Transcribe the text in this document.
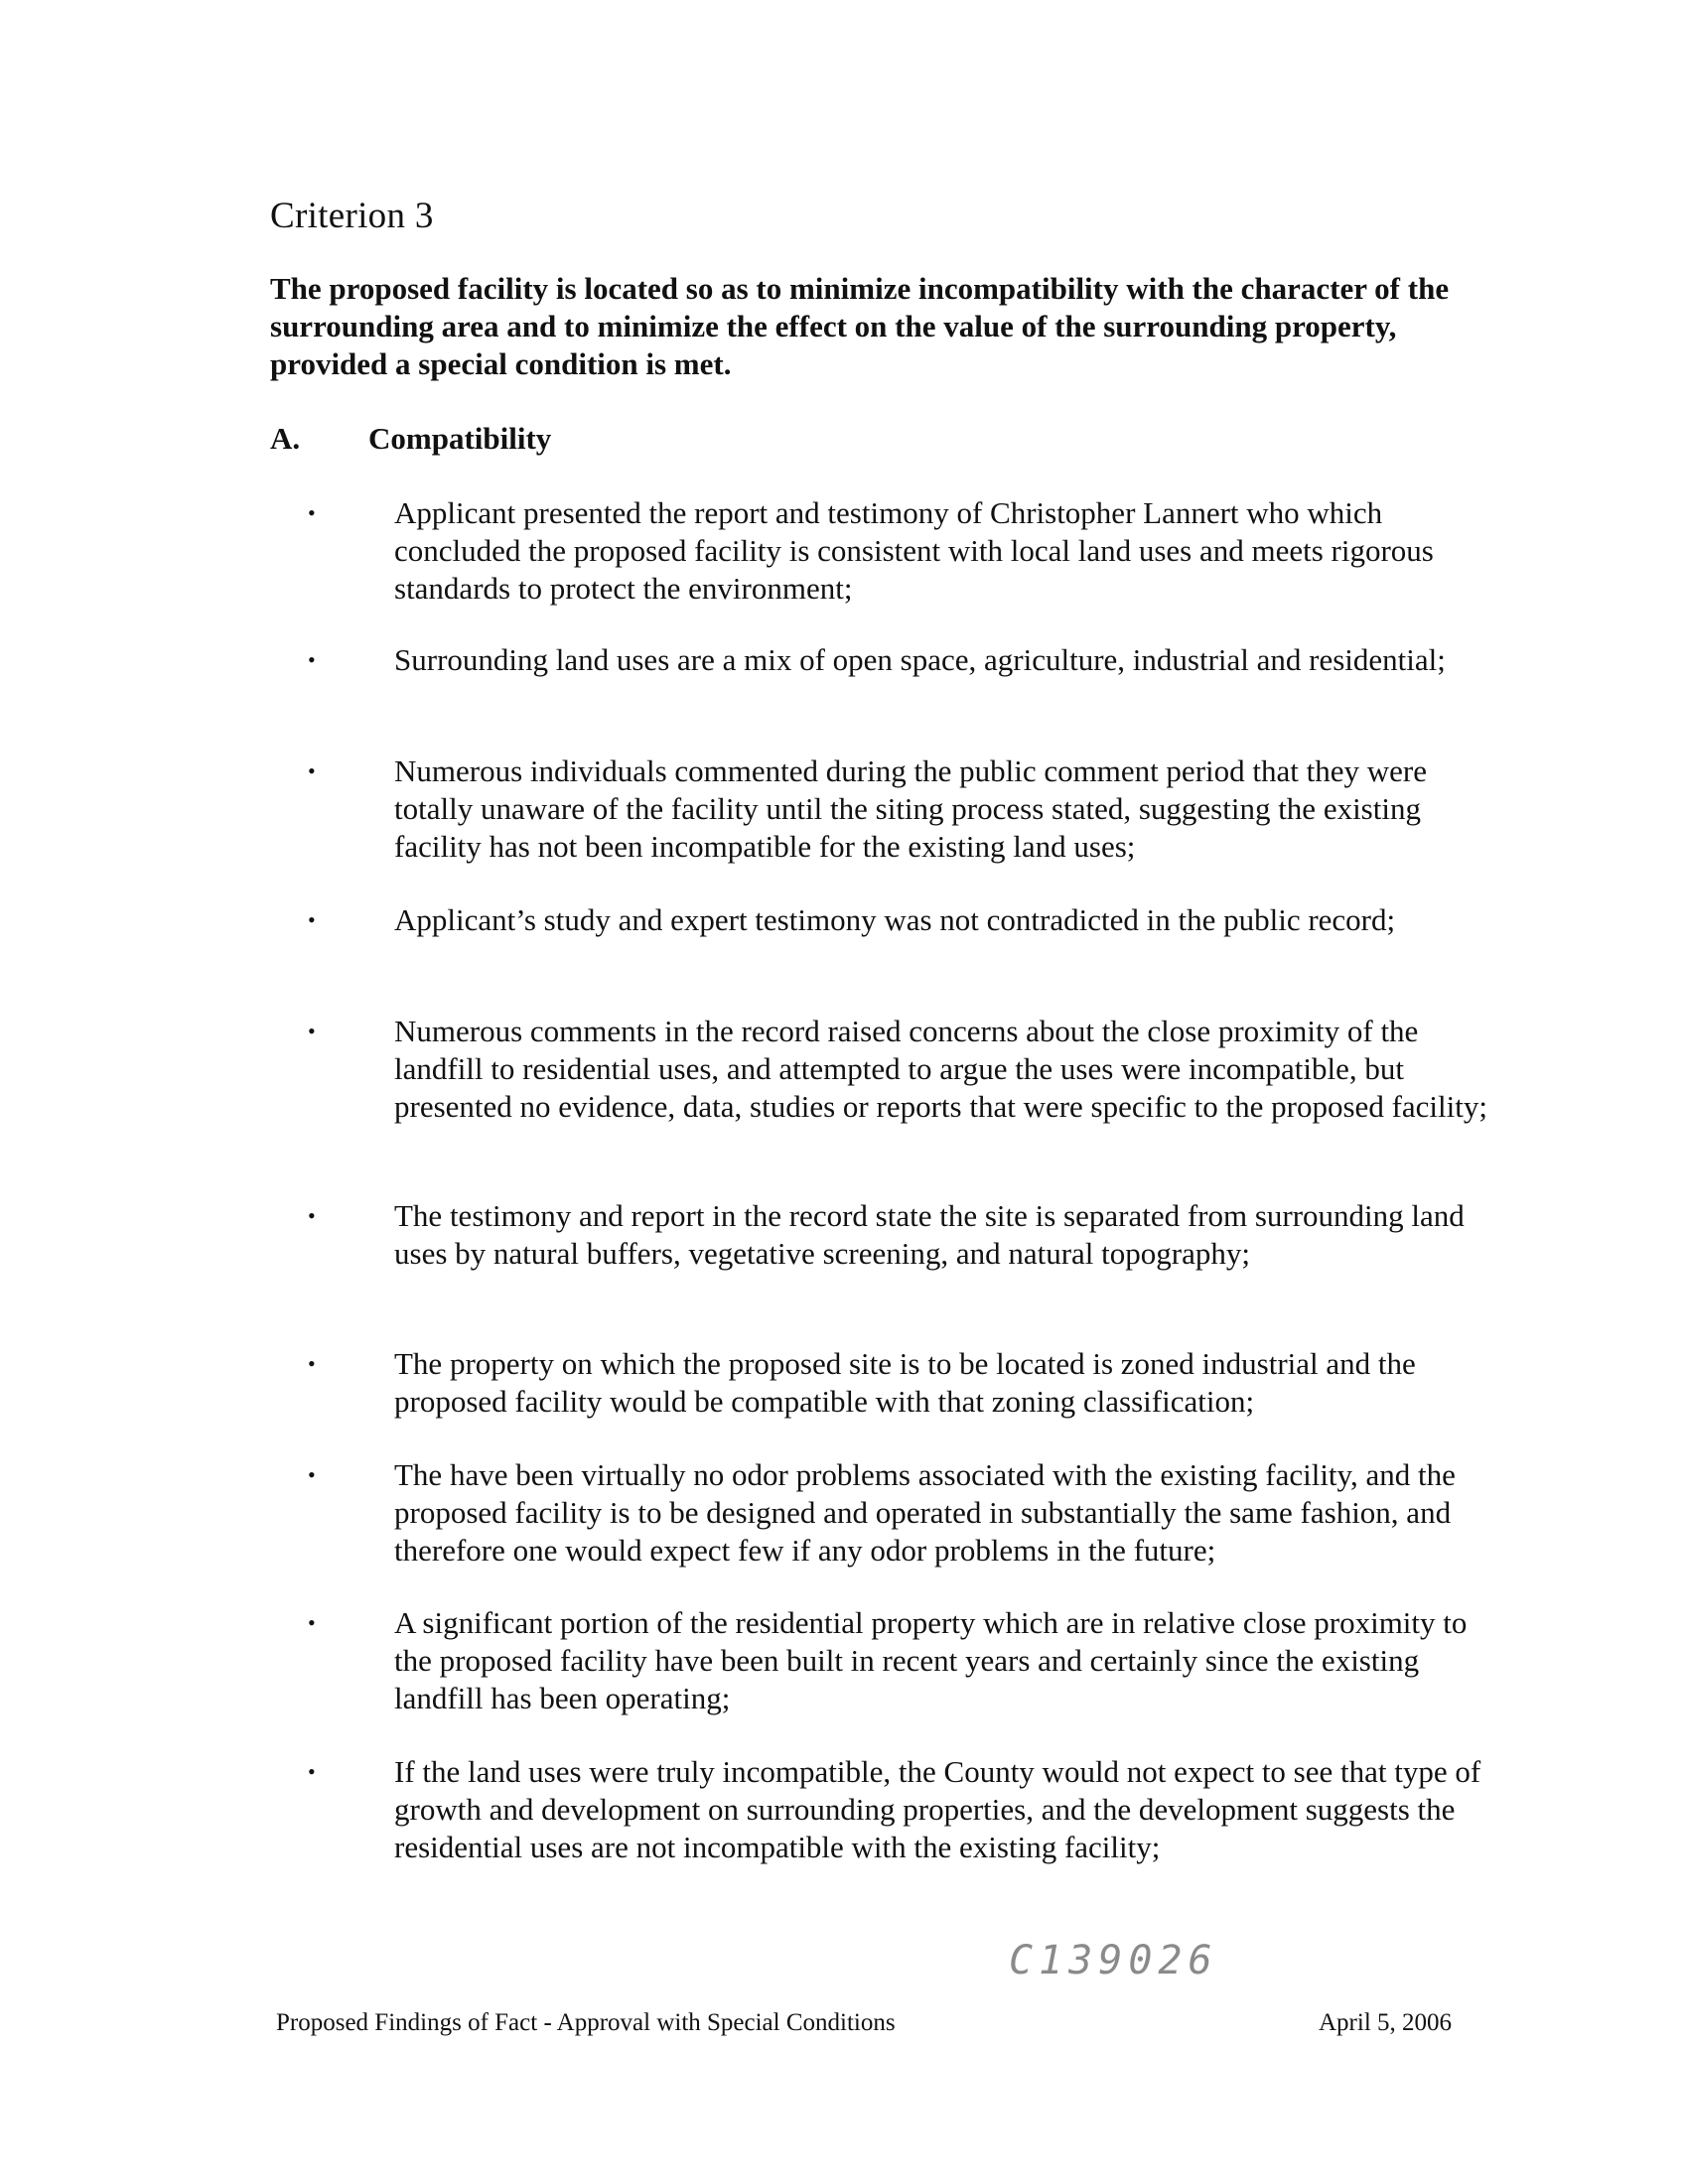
Criterion 3

The proposed facility is located so as to minimize incompatibility with the character of the surrounding area and to minimize the effect on the value of the surrounding property, provided a special condition is met.

A.	Compatibility
•	Applicant presented the report and testimony of Christopher Lannert who which concluded the proposed facility is consistent with local land uses and meets rigorous standards to protect the environment;
•	Surrounding land uses are a mix of open space, agriculture, industrial and residential;
•	Numerous individuals commented during the public comment period that they were totally unaware of the facility until the siting process stated, suggesting the existing facility has not been incompatible for the existing land uses;
•	Applicant’s study and expert testimony was not contradicted in the public record;
•	Numerous comments in the record raised concerns about the close proximity of the landfill to residential uses, and attempted to argue the uses were incompatible, but presented no evidence, data, studies or reports that were specific to the proposed facility;
•	The testimony and report in the record state the site is separated from surrounding land uses by natural buffers, vegetative screening, and natural topography;
•	The property on which the proposed site is to be located is zoned industrial and the proposed facility would be compatible with that zoning classification;
•	The have been virtually no odor problems associated with the existing facility, and the proposed facility is to be designed and operated in substantially the same fashion, and therefore one would expect few if any odor problems in the future;
•	A significant portion of the residential property which are in relative close proximity to the proposed facility have been built in recent years and certainly since the existing landfill has been operating;
•	If the land uses were truly incompatible, the County would not expect to see that type of growth and development on surrounding properties, and the development suggests the residential uses are not incompatible with the existing facility;
C139026
Proposed Findings of Fact - Approval with Special Conditions	April 5, 2006
